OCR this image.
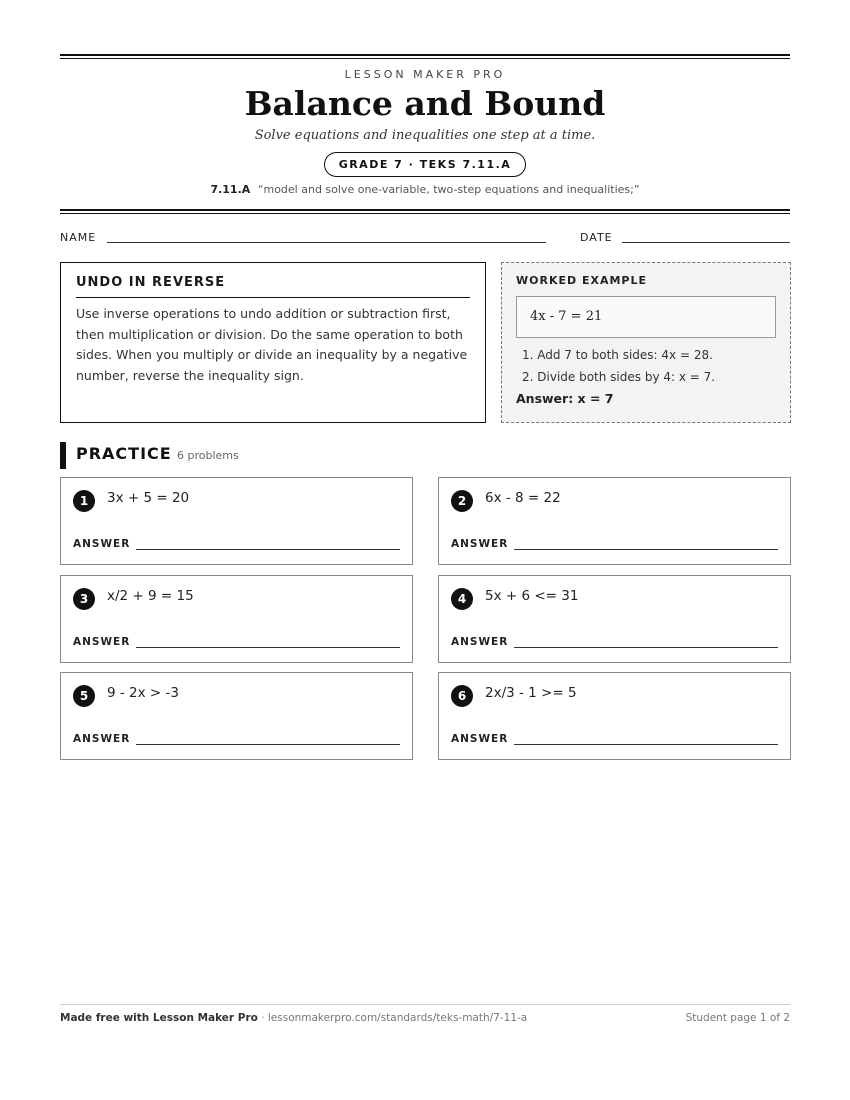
LESSON MAKER PRO
Balance and Bound
Solve equations and inequalities one step at a time.
GRADE 7 · TEKS 7.11.A
7.11.A “model and solve one-variable, two-step equations and inequalities;”
NAME	DATE
UNDO IN REVERSE
Use inverse operations to undo addition or subtraction first, then multiplication or division. Do the same operation to both sides. When you multiply or divide an inequality by a negative number, reverse the inequality sign.
WORKED EXAMPLE
4x - 7 = 21
1. Add 7 to both sides: 4x = 28.
2. Divide both sides by 4: x = 7.
Answer: x = 7
PRACTICE 6 problems
1	3x + 5 = 20
ANSWER
2	6x - 8 = 22
ANSWER
3	x/2 + 9 = 15
ANSWER
4	5x + 6 <= 31
ANSWER
5	9 - 2x > -3
ANSWER
6	2x/3 - 1 >= 5
ANSWER
Made free with Lesson Maker Pro · lessonmakerpro.com/standards/teks-math/7-11-a	Student page 1 of 2
